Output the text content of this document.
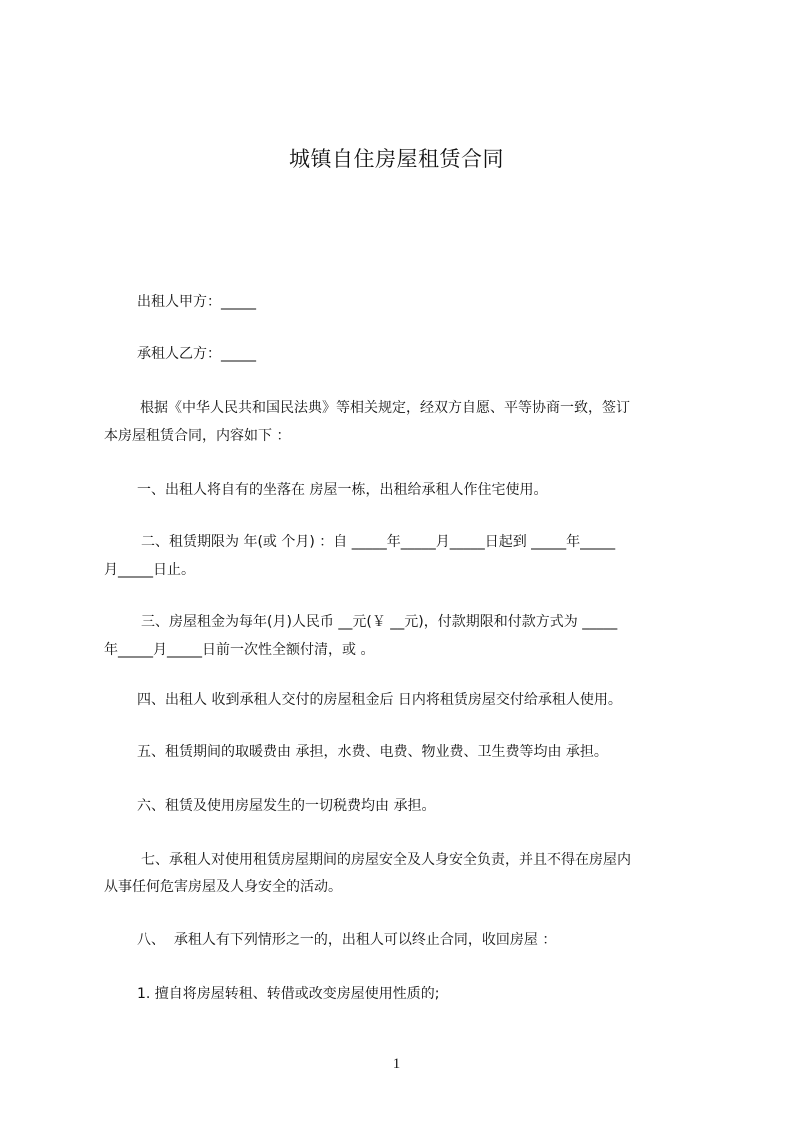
城镇自住房屋租赁合同
出租人甲方：_____
承租人乙方：_____
根据《中华人民共和国民法典》等相关规定，经双方自愿、平等协商一致，签订
本房屋租赁合同，内容如下 ：
一、出租人将自有的坐落在 房屋一栋，出租给承租人作住宅使用。
二、租赁期限为 年(或 个月) ：自 _____年_____月_____日起到 _____年_____
月_____日止。
三、房屋租金为每年(月)人民币 __元(￥ __元)，付款期限和付款方式为 _____
年_____月_____日前一次性全额付清，或 。
四、出租人 收到承租人交付的房屋租金后 日内将租赁房屋交付给承租人使用。
五、租赁期间的取暖费由 承担，水费、电费、物业费、卫生费等均由 承担。
六、租赁及使用房屋发生的一切税费均由 承担。
七、承租人对使用租赁房屋期间的房屋安全及人身安全负责，并且不得在房屋内
从事任何危害房屋及人身安全的活动。
八、  承租人有下列情形之一的，出租人可以终止合同，收回房屋 ：
1. 擅自将房屋转租、转借或改变房屋使用性质的;
1
